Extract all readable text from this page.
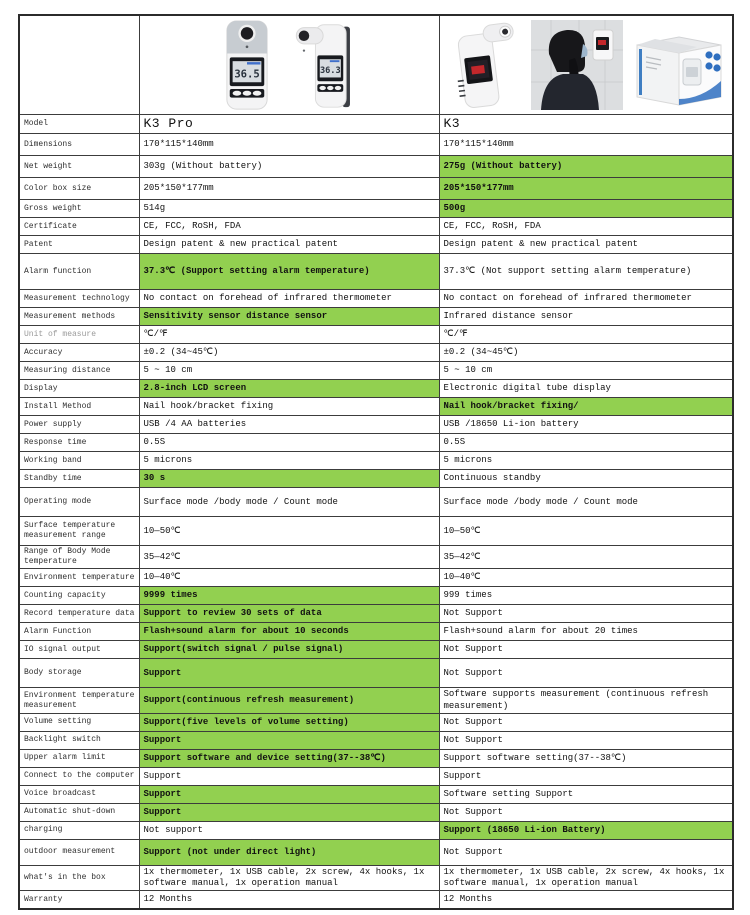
36.5 36.3

Model	K3 Pro	K3
Dimensions	170*115*140mm	170*115*140mm
Net weight	303g (Without battery)	275g (Without battery)
Color box size	205*150*177mm	205*150*177mm
Gross weight	514g	500g
Certificate	CE, FCC, RoSH, FDA	CE, FCC, RoSH, FDA
Patent	Design patent & new practical patent	Design patent & new practical patent
Alarm function	37.3℃ (Support setting alarm temperature)	37.3℃ (Not support setting alarm temperature)
Measurement technology	No contact on forehead of infrared thermometer	No contact on forehead of infrared thermometer
Measurement methods	Sensitivity sensor distance sensor	Infrared distance sensor
Unit of measure	℃/℉	℃/℉
Accuracy	±0.2 (34~45℃)	±0.2 (34~45℃)
Measuring distance	5 ~ 10 cm	5 ~ 10 cm
Display	2.8-inch LCD screen	Electronic digital tube display
Install Method	Nail hook/bracket fixing	Nail hook/bracket fixing/
Power supply	USB /4 AA batteries	USB /18650 Li-ion battery
Response time	0.5S	0.5S
Working band	5 microns	5 microns
Standby time	30 s	Continuous standby
Operating mode	Surface mode /body mode / Count mode	Surface mode /body mode / Count mode
Surface temperature measurement range	10—50℃	10—50℃
Range of Body Mode temperature	35—42℃	35—42℃
Environment temperature	10—40℃	10—40℃
Counting capacity	9999 times	999 times
Record temperature data	Support to review 30 sets of data	Not Support
Alarm Function	Flash+sound alarm for about 10 seconds	Flash+sound alarm for about 20 times
IO signal output	Support(switch signal / pulse signal)	Not Support
Body storage	Support	Not Support
Environment temperature measurement	Support(continuous refresh measurement)	Software supports measurement (continuous refresh measurement)
Volume setting	Support(five levels of volume setting)	Not Support
Backlight switch	Support	Not Support
Upper alarm limit	Support software and device setting(37--38℃)	Support software setting(37--38℃)
Connect to the computer	Support	Support
Voice broadcast	Support	Software setting Support
Automatic shut-down	Support	Not Support
charging	Not support	Support (18650 Li-ion Battery)
outdoor measurement	Support (not under direct light)	Not Support
what's in the box	1x thermometer, 1x USB cable, 2x screw, 4x hooks, 1x software manual, 1x operation manual	1x thermometer, 1x USB cable, 2x screw, 4x hooks, 1x software manual, 1x operation manual
Warranty	12 Months	12 Months
